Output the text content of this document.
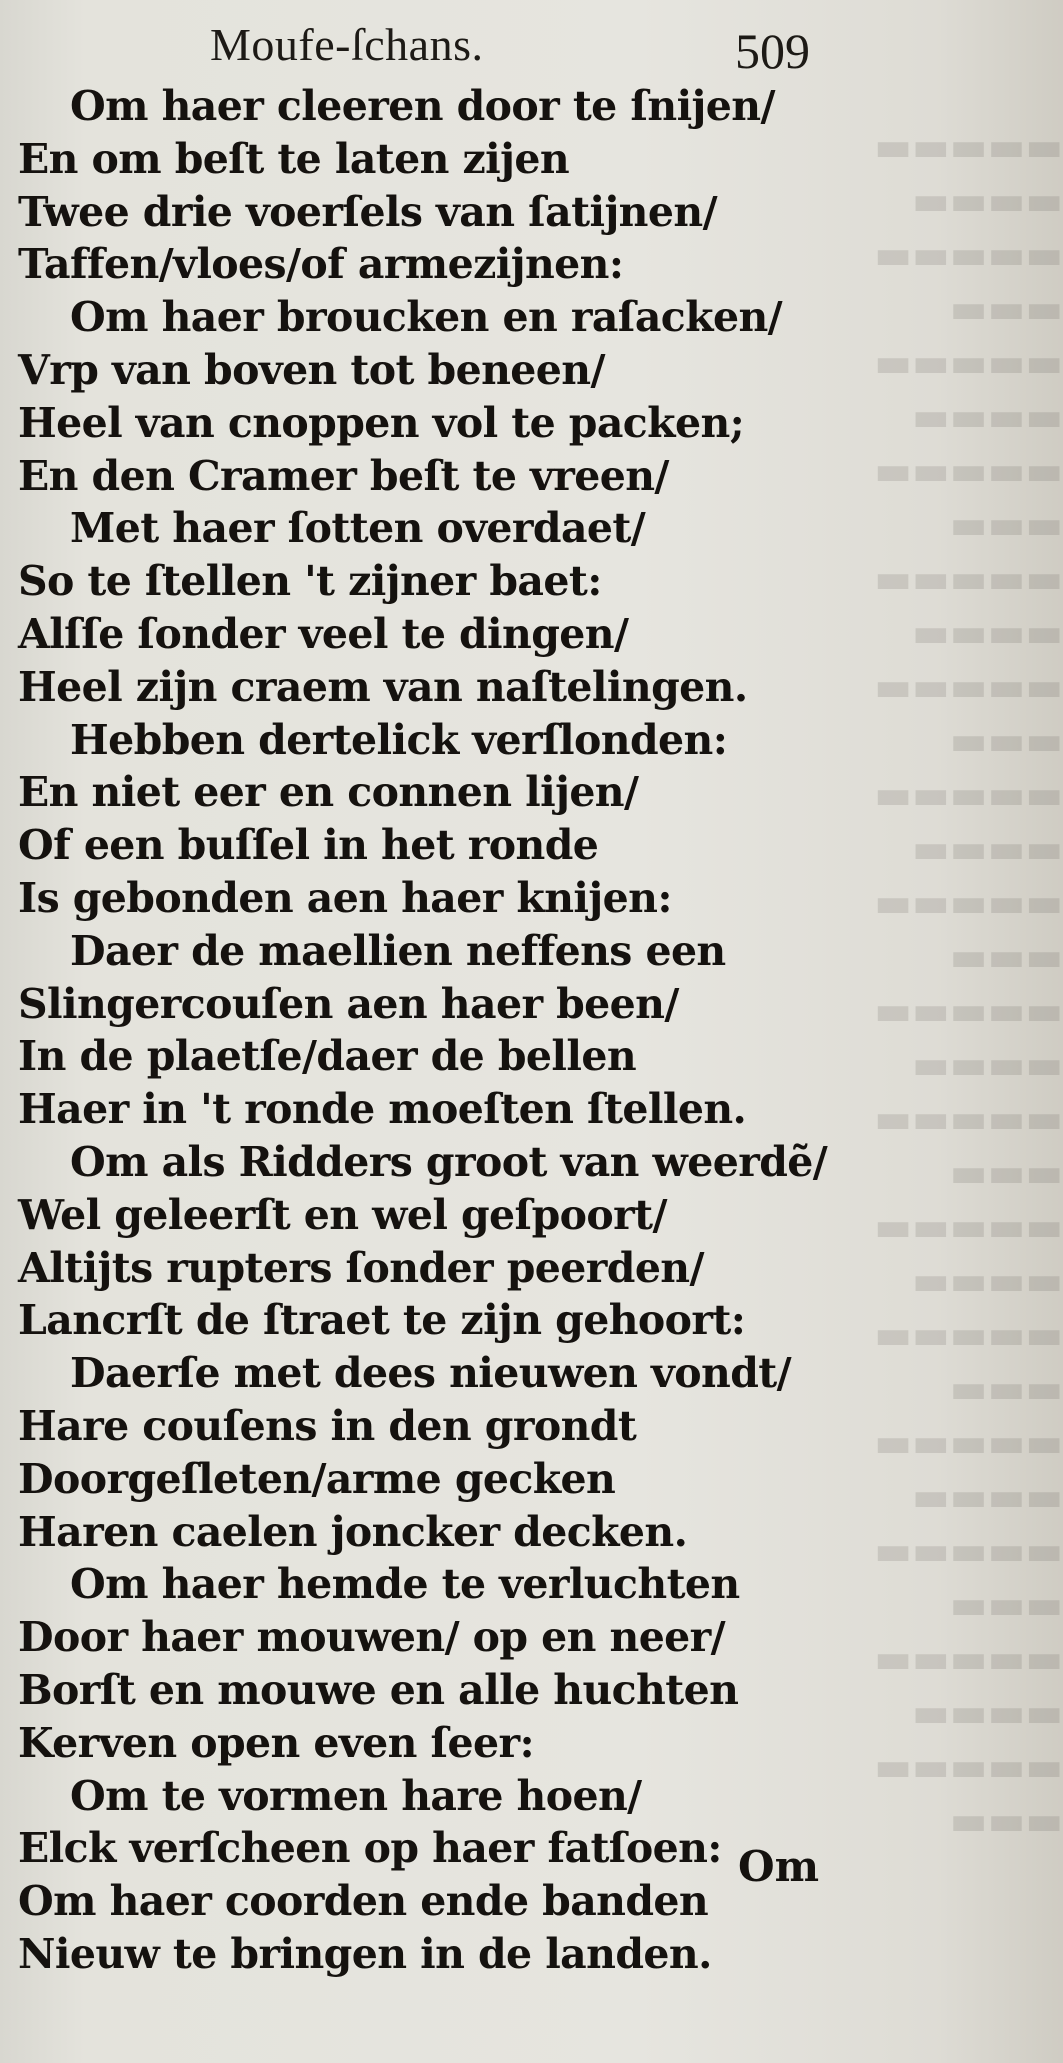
▬▬▬▬▬
▬▬▬▬
▬▬▬▬▬
▬▬▬
▬▬▬▬▬
▬▬▬▬
▬▬▬▬▬
▬▬▬
▬▬▬▬▬
▬▬▬▬
▬▬▬▬▬
▬▬▬
▬▬▬▬▬
▬▬▬▬
▬▬▬▬▬
▬▬▬
▬▬▬▬▬
▬▬▬▬
▬▬▬▬▬
▬▬▬
▬▬▬▬▬
▬▬▬▬
▬▬▬▬▬
▬▬▬
▬▬▬▬▬
▬▬▬▬
▬▬▬▬▬
▬▬▬
▬▬▬▬▬
▬▬▬▬
▬▬▬▬▬
▬▬▬
Moufe-ſchans.	509
Om haer cleeren door te ſnijen/
En om beſt te laten zijen
Twee drie voerſels van ſatijnen/
Taffen/vloes/of armezijnen:
Om haer broucken en raſacken/
Vrp van boven tot beneen/
Heel van cnoppen vol te packen;
En den Cramer beſt te vreen/
Met haer ſotten overdaet/
So te ſtellen 't zijner baet:
Alſſe ſonder veel te dingen/
Heel zijn craem van naſtelingen.
Hebben dertelick verſlonden:
En niet eer en connen lijen/
Of een buſſel in het ronde
Is gebonden aen haer knijen:
Daer de maellien neffens een
Slingercouſen aen haer been/
In de plaetſe/daer de bellen
Haer in 't ronde moeſten ſtellen.
Om als Ridders groot van weerdẽ/
Wel geleerſt en wel geſpoort/
Altijts rupters ſonder peerden/
Lancrſt de ſtraet te zijn gehoort:
Daerſe met dees nieuwen vondt/
Hare couſens in den grondt
Doorgeſleten/arme gecken
Haren caelen joncker decken.
Om haer hemde te verluchten
Door haer mouwen/ op en neer/
Borſt en mouwe en alle huchten
Kerven open even ſeer:
Om te vormen hare hoen/
Elck verſcheen op haer fatſoen:
Om haer coorden ende banden
Nieuw te bringen in de landen.
Om
